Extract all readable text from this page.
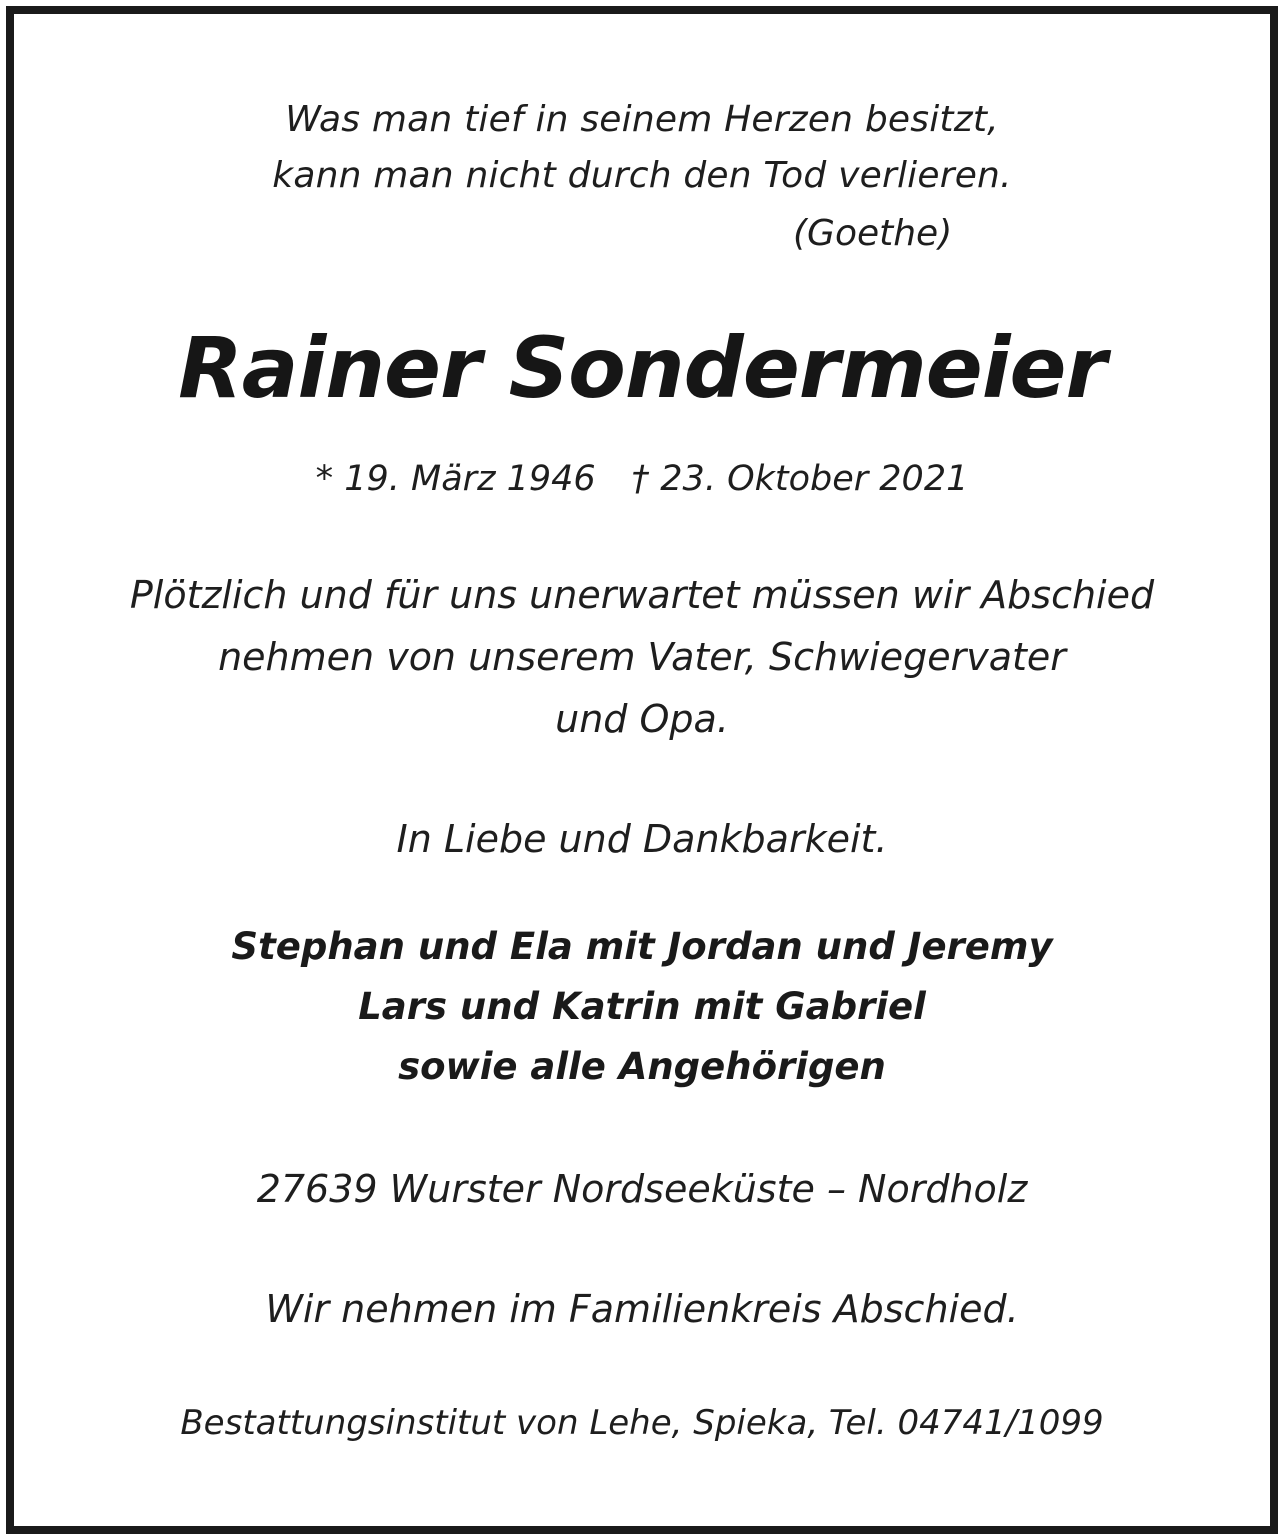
Was man tief in seinem Herzen besitzt,
kann man nicht durch den Tod verlieren.
(Goethe)
Rainer Sondermeier
* 19. März 1946 † 23. Oktober 2021
Plötzlich und für uns unerwartet müssen wir Abschied
nehmen von unserem Vater, Schwiegervater
und Opa.
In Liebe und Dankbarkeit.
Stephan und Ela mit Jordan und Jeremy
Lars und Katrin mit Gabriel
sowie alle Angehörigen
27639 Wurster Nordseeküste – Nordholz
Wir nehmen im Familienkreis Abschied.
Bestattungsinstitut von Lehe, Spieka, Tel. 04741/1099
